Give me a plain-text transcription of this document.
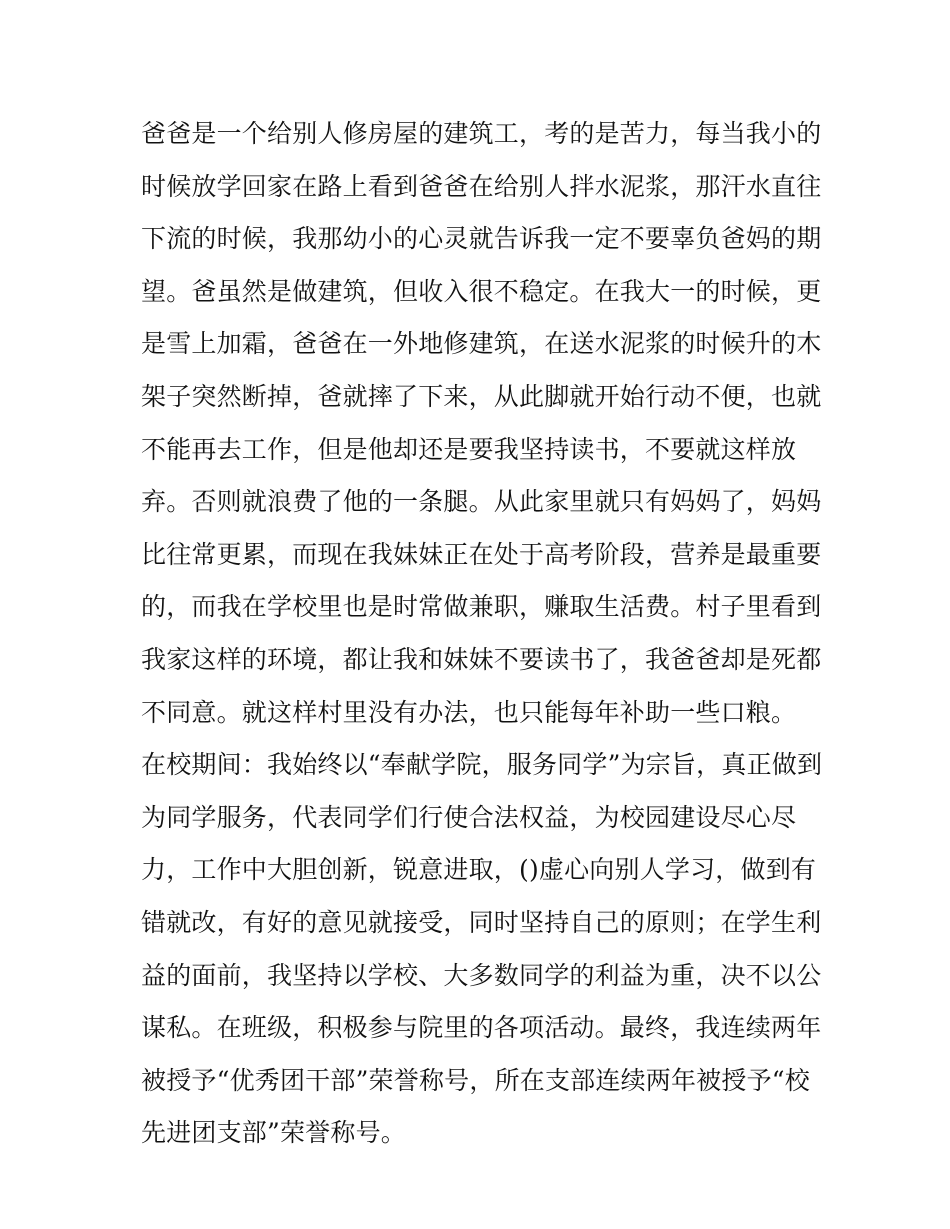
爸爸是一个给别人修房屋的建筑工，考的是苦力，每当我小的
时候放学回家在路上看到爸爸在给别人拌水泥浆，那汗水直往
下流的时候，我那幼小的心灵就告诉我一定不要辜负爸妈的期
望。爸虽然是做建筑，但收入很不稳定。在我大一的时候，更
是雪上加霜，爸爸在一外地修建筑，在送水泥浆的时候升的木
架子突然断掉，爸就摔了下来，从此脚就开始行动不便，也就
不能再去工作，但是他却还是要我坚持读书，不要就这样放
弃。否则就浪费了他的一条腿。从此家里就只有妈妈了，妈妈
比往常更累，而现在我妹妹正在处于高考阶段，营养是最重要
的，而我在学校里也是时常做兼职，赚取生活费。村子里看到
我家这样的环境，都让我和妹妹不要读书了，我爸爸却是死都
不同意。就这样村里没有办法，也只能每年补助一些口粮。
在校期间：我始终以“奉献学院，服务同学”为宗旨，真正做到
为同学服务，代表同学们行使合法权益，为校园建设尽心尽
力，工作中大胆创新，锐意进取，()虚心向别人学习，做到有
错就改，有好的意见就接受，同时坚持自己的原则；在学生利
益的面前，我坚持以学校、大多数同学的利益为重，决不以公
谋私。在班级，积极参与院里的各项活动。最终，我连续两年
被授予“优秀团干部”荣誉称号，所在支部连续两年被授予“校
先进团支部”荣誉称号。
